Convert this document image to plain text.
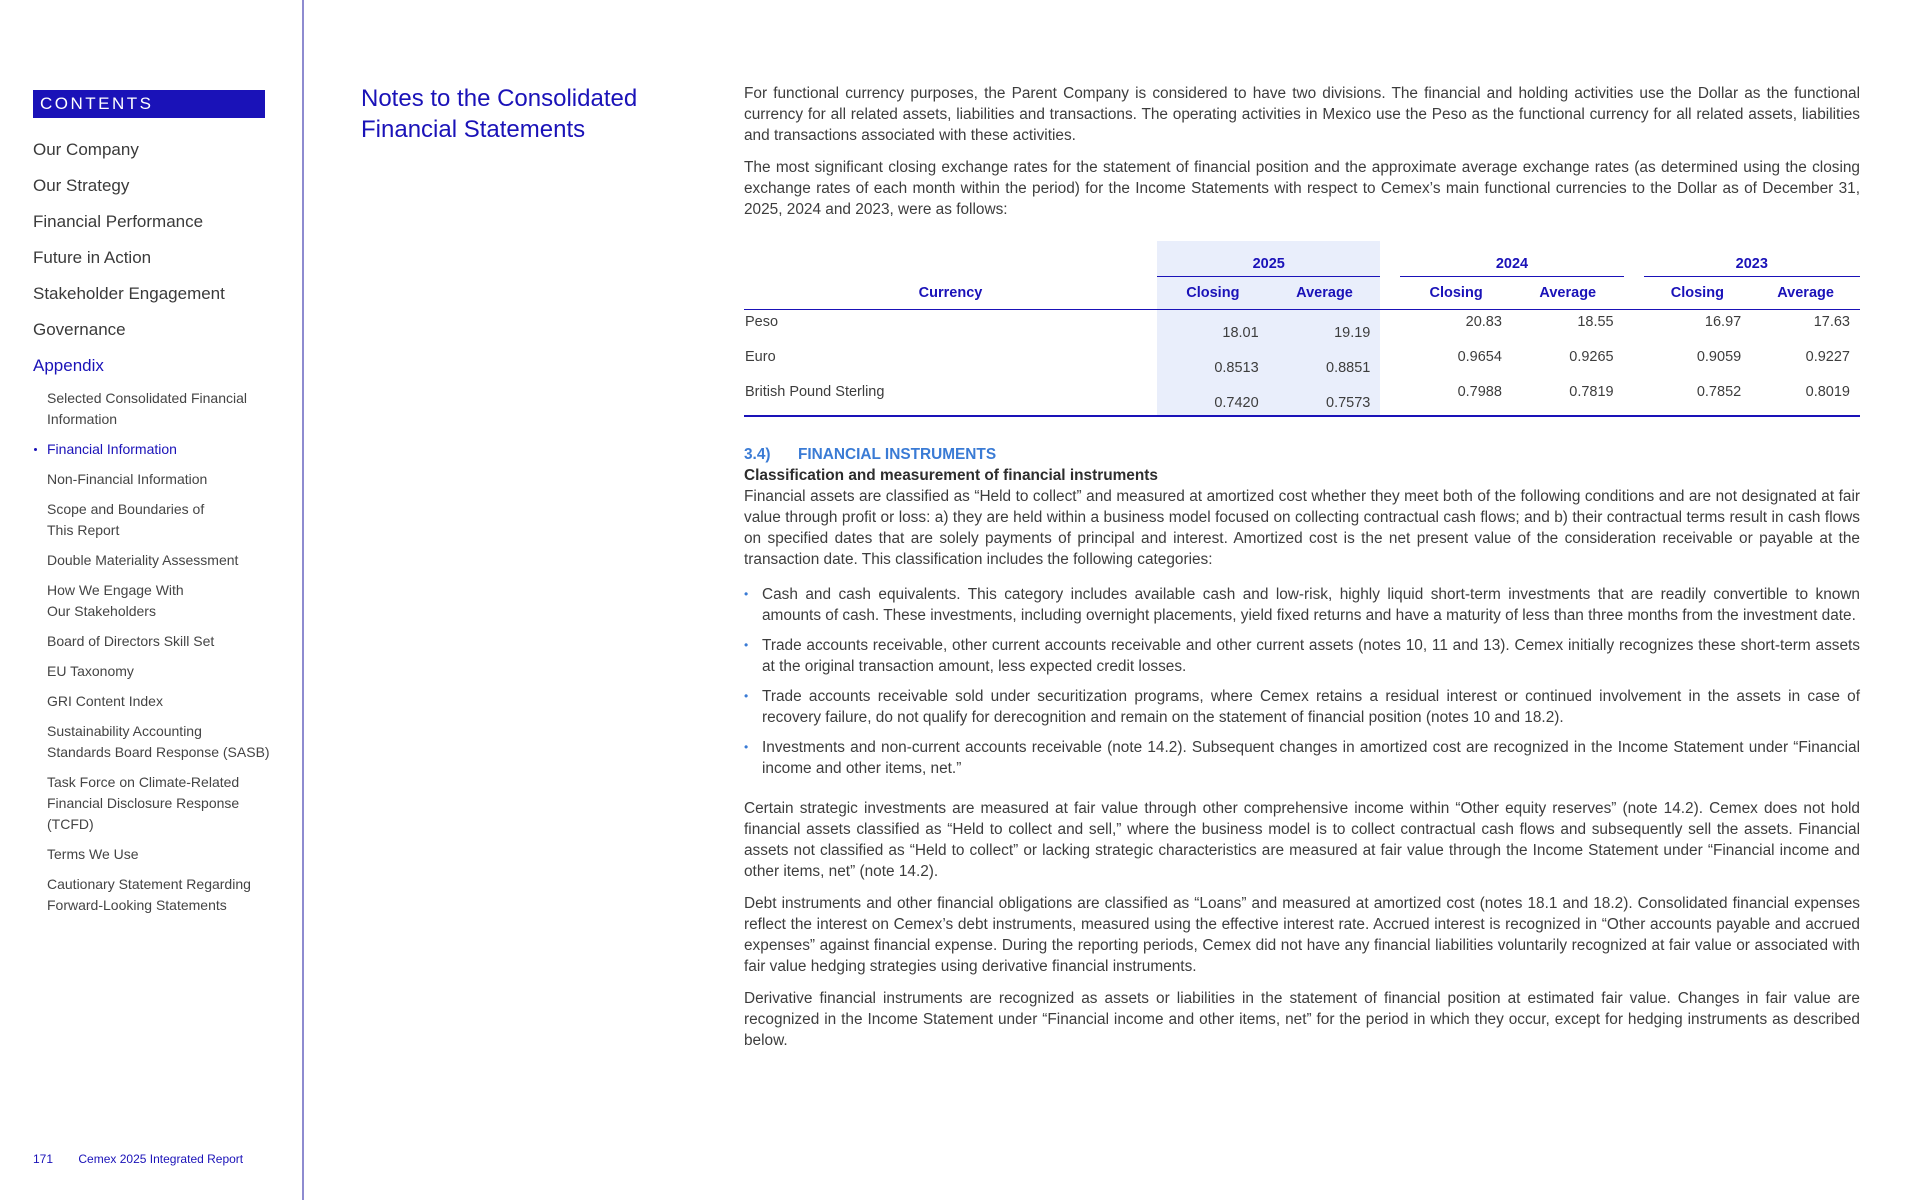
CONTENTS
Our Company
Our Strategy
Financial Performance
Future in Action
Stakeholder Engagement
Governance
Appendix
Selected Consolidated Financial
Information
Financial Information
Non-Financial Information
Scope and Boundaries of
This Report
Double Materiality Assessment
How We Engage With
Our Stakeholders
Board of Directors Skill Set
EU Taxonomy
GRI Content Index
Sustainability Accounting
Standards Board Response (SASB)
Task Force on Climate-Related
Financial Disclosure Response
(TCFD)
Terms We Use
Cautionary Statement Regarding
Forward-Looking Statements
171 Cemex 2025 Integrated Report
Notes to the Consolidated
Financial Statements

For functional currency purposes, the Parent Company is considered to have two divisions. The financial and holding activities use the Dollar as the functional currency for all related assets, liabilities and transactions. The operating activities in Mexico use the Peso as the functional currency for all related assets, liabilities and transactions associated with these activities.

The most significant closing exchange rates for the statement of financial position and the approximate average exchange rates (as determined using the closing exchange rates of each month within the period) for the Income Statements with respect to Cemex’s main functional currencies to the Dollar as of December 31, 2025, 2024 and 2023, were as follows:

	2025			2024			2023	
Currency	Closing	Average		Closing	Average		Closing	Average
Peso	18.01	19.19		20.83	18.55		16.97	17.63
Euro	0.8513	0.8851		0.9654	0.9265		0.9059	0.9227
British Pound Sterling	0.7420	0.7573		0.7988	0.7819		0.7852	0.8019
3.4) FINANCIAL INSTRUMENTS
Classification and measurement of financial instruments

Financial assets are classified as “Held to collect” and measured at amortized cost whether they meet both of the following conditions and are not designated at fair value through profit or loss: a) they are held within a business model focused on collecting contractual cash flows; and b) their contractual terms result in cash flows on specified dates that are solely payments of principal and interest. Amortized cost is the net present value of the consideration receivable or payable at the transaction date. This classification includes the following categories:

• Cash and cash equivalents. This category includes available cash and low-risk, highly liquid short-term investments that are readily convertible to known amounts of cash. These investments, including overnight placements, yield fixed returns and have a maturity of less than three months from the investment date.
• Trade accounts receivable, other current accounts receivable and other current assets (notes 10, 11 and 13). Cemex initially recognizes these short-term assets at the original transaction amount, less expected credit losses.
• Trade accounts receivable sold under securitization programs, where Cemex retains a residual interest or continued involvement in the assets in case of recovery failure, do not qualify for derecognition and remain on the statement of financial position (notes 10 and 18.2).
• Investments and non-current accounts receivable (note 14.2). Subsequent changes in amortized cost are recognized in the Income Statement under “Financial income and other items, net.”

Certain strategic investments are measured at fair value through other comprehensive income within “Other equity reserves” (note 14.2). Cemex does not hold financial assets classified as “Held to collect and sell,” where the business model is to collect contractual cash flows and subsequently sell the assets. Financial assets not classified as “Held to collect” or lacking strategic characteristics are measured at fair value through the Income Statement under “Financial income and other items, net” (note 14.2).

Debt instruments and other financial obligations are classified as “Loans” and measured at amortized cost (notes 18.1 and 18.2). Consolidated financial expenses reflect the interest on Cemex’s debt instruments, measured using the effective interest rate. Accrued interest is recognized in “Other accounts payable and accrued expenses” against financial expense. During the reporting periods, Cemex did not have any financial liabilities voluntarily recognized at fair value or associated with fair value hedging strategies using derivative financial instruments.

Derivative financial instruments are recognized as assets or liabilities in the statement of financial position at estimated fair value. Changes in fair value are recognized in the Income Statement under “Financial income and other items, net” for the period in which they occur, except for hedging instruments as described below.
